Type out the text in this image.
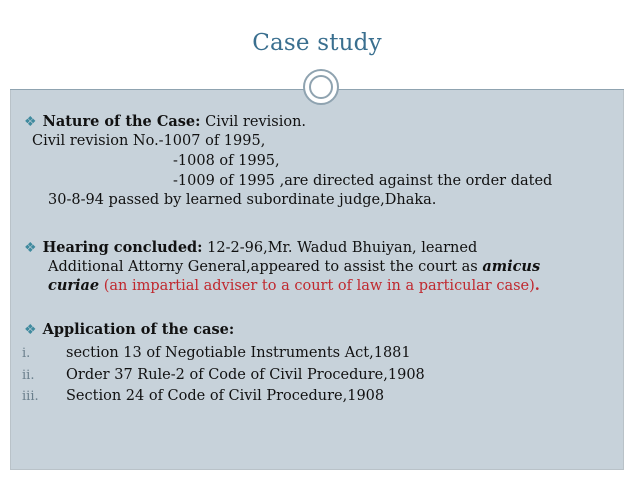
Case study
❖ Nature of the Case: Civil revision.
Civil revision No.-1007 of 1995,
-1008 of 1995,
-1009 of 1995 ,are directed against the order dated
30-8-94 passed by learned subordinate judge,Dhaka.
❖ Hearing concluded: 12-2-96,Mr. Wadud Bhuiyan, learned
Additional Attorny General,appeared to assist the court as amicus
curiae (an impartial adviser to a court of law in a particular case).
❖ Application of the case:
i. section 13 of Negotiable Instruments Act,1881
ii. Order 37 Rule-2 of Code of Civil Procedure,1908
iii. Section 24 of Code of Civil Procedure,1908
